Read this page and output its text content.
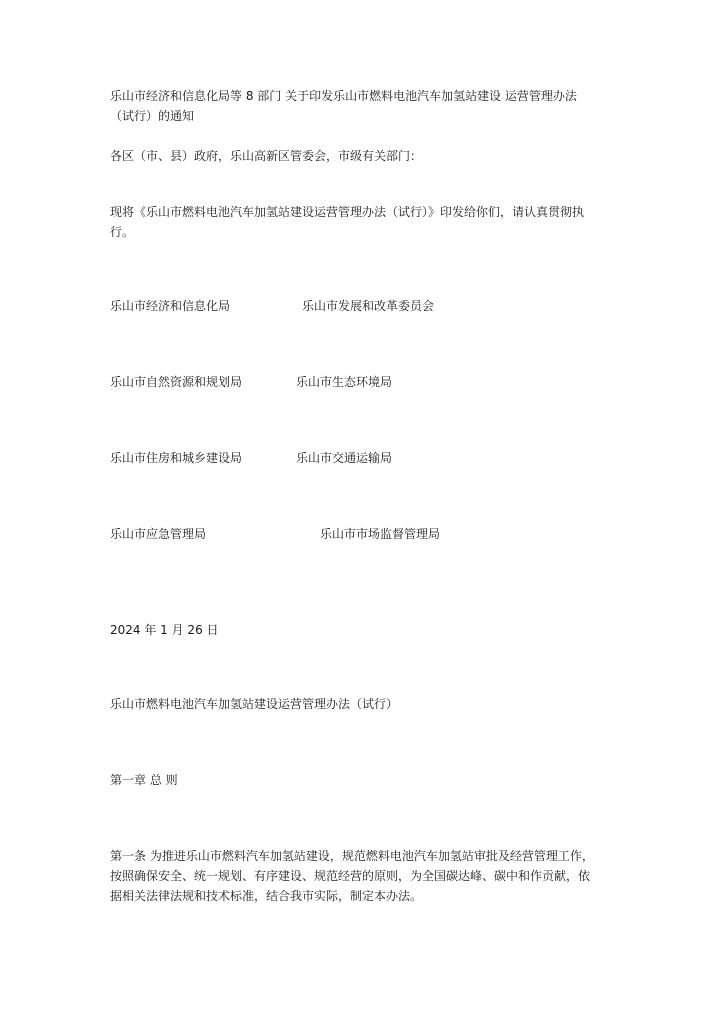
乐山市经济和信息化局等 8 部门 关于印发乐山市燃料电池汽车加氢站建设 运营管理办法

（试行）的通知

各区（市、县）政府，乐山高新区管委会，市级有关部门：

现将《乐山市燃料电池汽车加氢站建设运营管理办法（试行）》印发给你们，请认真贯彻执

行。

乐山市经济和信息化局	乐山市发展和改革委员会
乐山市自然资源和规划局	乐山市生态环境局
乐山市住房和城乡建设局	乐山市交通运输局
乐山市应急管理局	乐山市市场监督管理局

2024 年 1 月 26 日

乐山市燃料电池汽车加氢站建设运营管理办法（试行）

第一章 总 则

第一条 为推进乐山市燃料汽车加氢站建设，规范燃料电池汽车加氢站审批及经营管理工作，

按照确保安全、统一规划、有序建设、规范经营的原则，为全国碳达峰、碳中和作贡献，依

据相关法律法规和技术标准，结合我市实际，制定本办法。
